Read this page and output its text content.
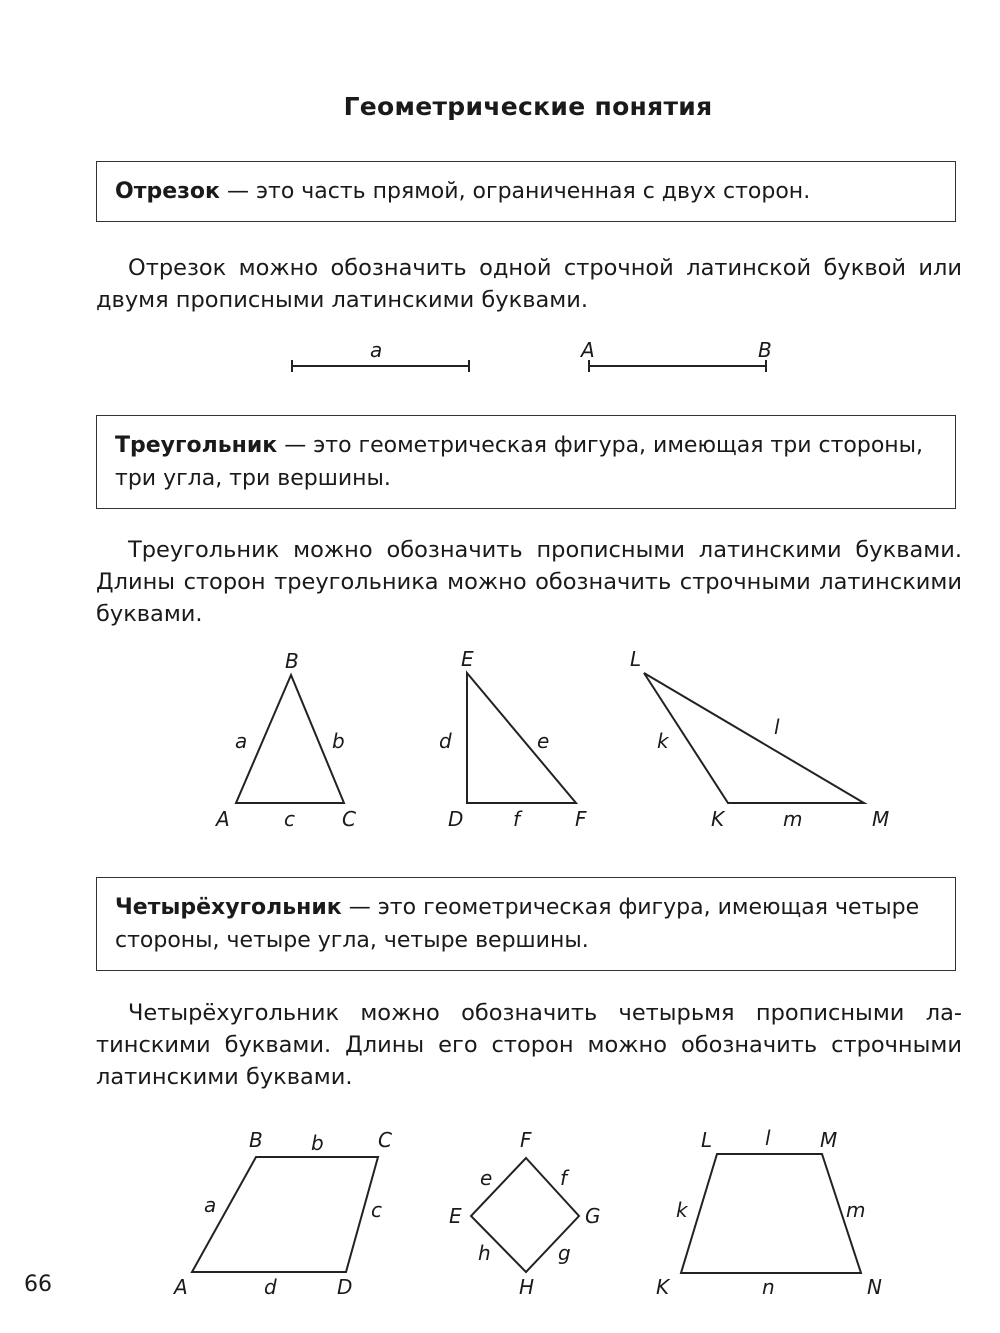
Геометрические понятия
Отрезок — это часть прямой, ограниченная с двух сторон.

Отрезок можно обозначить одной строчной латинской буквой или двумя прописными латинскими буквами.

a	A	B
Треугольник — это геометрическая фигура, имеющая три стороны, три угла, три вершины.

Треугольник можно обозначить прописными латинскими буквами. Длины сторон треугольника можно обозначить строчными латинскими буквами.

B
a	b
A	c C
E
d	e
D f	F
L
k
l
K	m	M
Четырёхугольник — это геометрическая фигура, имеющая четыре стороны, четыре угла, четыре вершины.

Четырёхугольник можно обозначить четырьмя прописными латинскими буквами. Длины его сторон можно обозначить строчными латинскими буквами.

B b	C
a	c
A	d	D
F
e	f
E	G
h	g
H
L	l M
k	m
K	n	N
66
